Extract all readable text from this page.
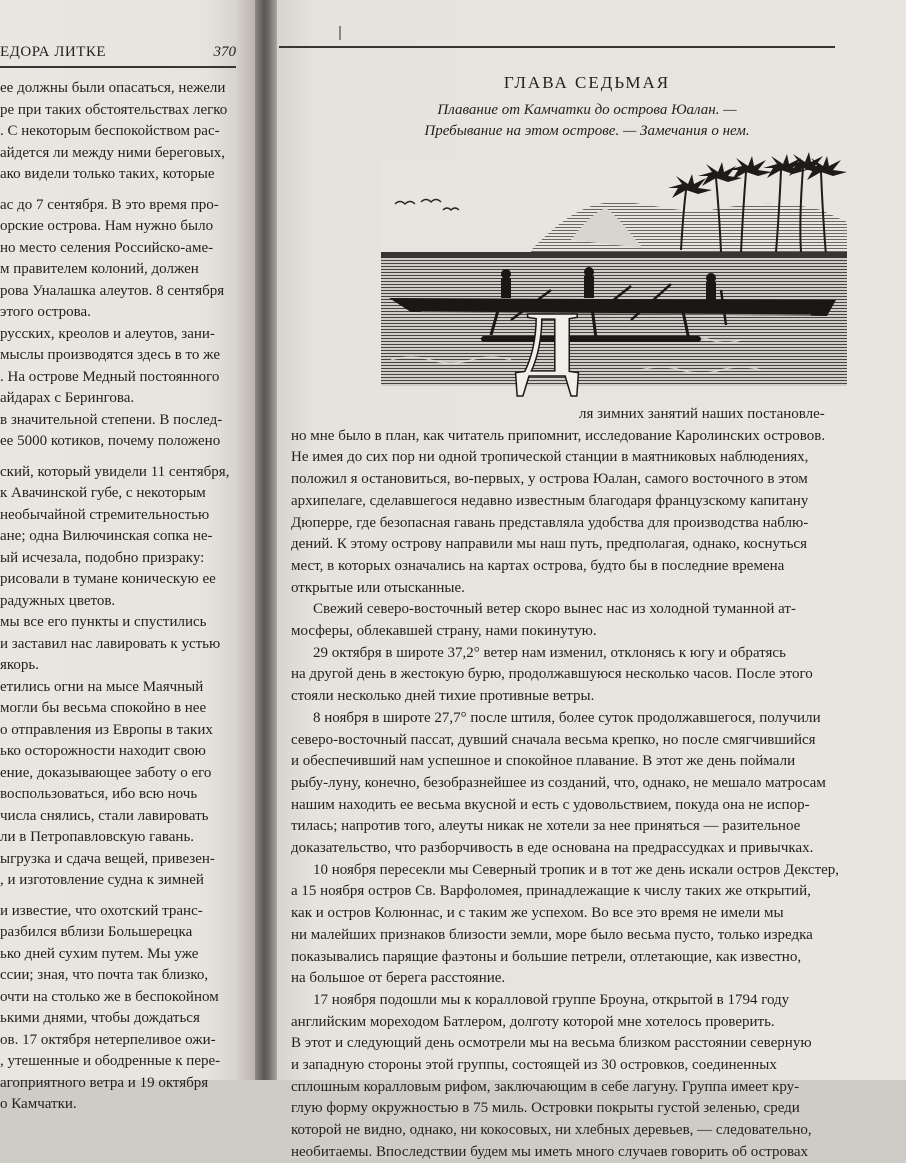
ЕДОРА ЛИТКЕ	370
ее должны были опасаться, нежели
ре при таких обстоятельствах легко
. С некоторым беспокойством рас-
айдется ли между ними береговых,
ако видели только таких, которые
ас до 7 сентября. В это время про-
орские острова. Нам нужно было
но место селения Российско-аме-
м правителем колоний, должен
рова Уналашка алеутов. 8 сентября
этого острова.
русских, креолов и алеутов, зани-
мыслы производятся здесь в то же
. На острове Медный постоянного
айдарах с Берингова.
в значительной степени. В послед-
ее 5000 котиков, почему положено
ский, который увидели 11 сентября,
к Авачинской губе, с некоторым
необычайной стремительностью
ане; одна Вилючинская сопка не-
ый исчезала, подобно призраку:
рисовали в тумане коническую ее
радужных цветов.
мы все его пункты и спустились
и заставил нас лавировать к устью
якорь.
етились огни на мысе Маячный
могли бы весьма спокойно в нее
о отправления из Европы в таких
ько осторожности находит свою
ение, доказывающее заботу о его
воспользоваться, ибо всю ночь
числа снялись, стали лавировать
ли в Петропавловскую гавань.
ыгрузка и сдача вещей, привезен-
, и изготовление судна к зимней
и известие, что охотский транс-
разбился вблизи Большерецка
ько дней сухим путем. Мы уже
ссии; зная, что почта так близко,
очти на столько же в беспокойном
ькими днями, чтобы дождаться
ов. 17 октября нетерпеливое ожи-
, утешенные и ободренные к пере-
агоприятного ветра и 19 октября
о Камчатки.
ГЛАВА СЕДЬМАЯ
Плавание от Камчатки до острова Юалан. —
Пребывание на этом острове. — Замечания о нем.
Д
ля зимних занятий наших постановле-
но мне было в план, как читатель припомнит, исследование Каролинских островов.
Не имея до сих пор ни одной тропической станции в маятниковых наблюдениях,
положил я остановиться, во-первых, у острова Юалан, самого восточного в этом
архипелаге, сделавшегося недавно известным благодаря французскому капитану
Дюперре, где безопасная гавань представляла удобства для производства наблю-
дений. К этому острову направили мы наш путь, предполагая, однако, коснуться
мест, в которых означались на картах острова, будто бы в последние времена
открытые или отысканные.
Свежий северо-восточный ветер скоро вынес нас из холодной туманной ат-
мосферы, облекавшей страну, нами покинутую.
29 октября в широте 37,2° ветер нам изменил, отклонясь к югу и обратясь
на другой день в жестокую бурю, продолжавшуюся несколько часов. После этого
стояли несколько дней тихие противные ветры.
8 ноября в широте 27,7° после штиля, более суток продолжавшегося, получили
северо-восточный пассат, дувший сначала весьма крепко, но после смягчившийся
и обеспечивший нам успешное и спокойное плавание. В этот же день поймали
рыбу-луну, конечно, безобразнейшее из созданий, что, однако, не мешало матросам
нашим находить ее весьма вкусной и есть с удовольствием, покуда она не испор-
тилась; напротив того, алеуты никак не хотели за нее приняться — разительное
доказательство, что разборчивость в еде основана на предрассудках и привычках.
10 ноября пересекли мы Северный тропик и в тот же день искали остров Декстер,
а 15 ноября остров Св. Варфоломея, принадлежащие к числу таких же открытий,
как и остров Колюннас, и с таким же успехом. Во все это время не имели мы
ни малейших признаков близости земли, море было весьма пусто, только изредка
показывались парящие фаэтоны и большие петрели, отлетающие, как известно,
на большое от берега расстояние.
17 ноября подошли мы к коралловой группе Броуна, открытой в 1794 году
английским мореходом Батлером, долготу которой мне хотелось проверить.
В этот и следующий день осмотрели мы на весьма близком расстоянии северную
и западную стороны этой группы, состоящей из 30 островков, соединенных
сплошным коралловым рифом, заключающим в себе лагуну. Группа имеет кру-
глую форму окружностью в 75 миль. Островки покрыты густой зеленью, среди
которой не видно, однако, ни кокосовых, ни хлебных деревьев, — следовательно,
необитаемы. Впоследствии будем мы иметь много случаев говорить об островах
